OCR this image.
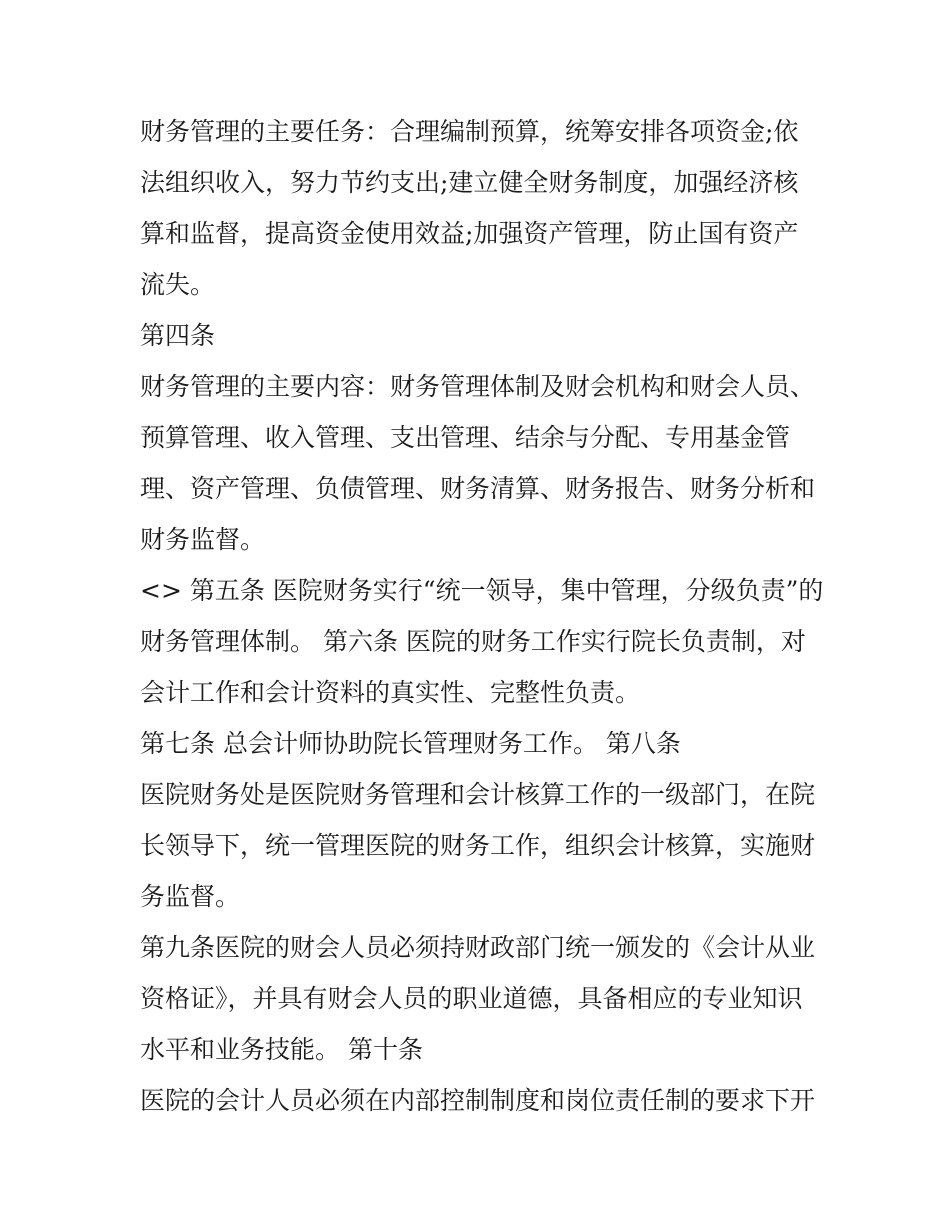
财务管理的主要任务：合理编制预算，统筹安排各项资金;依
法组织收入，努力节约支出;建立健全财务制度，加强经济核
算和监督，提高资金使用效益;加强资产管理，防止国有资产
流失。
第四条
财务管理的主要内容：财务管理体制及财会机构和财会人员、
预算管理、收入管理、支出管理、结余与分配、专用基金管
理、资产管理、负债管理、财务清算、财务报告、财务分析和
财务监督。
<> 第五条 医院财务实行“统一领导，集中管理，分级负责”的
财务管理体制。 第六条 医院的财务工作实行院长负责制，对
会计工作和会计资料的真实性、完整性负责。
第七条 总会计师协助院长管理财务工作。 第八条
医院财务处是医院财务管理和会计核算工作的一级部门，在院
长领导下，统一管理医院的财务工作，组织会计核算，实施财
务监督。
第九条医院的财会人员必须持财政部门统一颁发的《会计从业
资格证》，并具有财会人员的职业道德，具备相应的专业知识
水平和业务技能。 第十条
医院的会计人员必须在内部控制制度和岗位责任制的要求下开
